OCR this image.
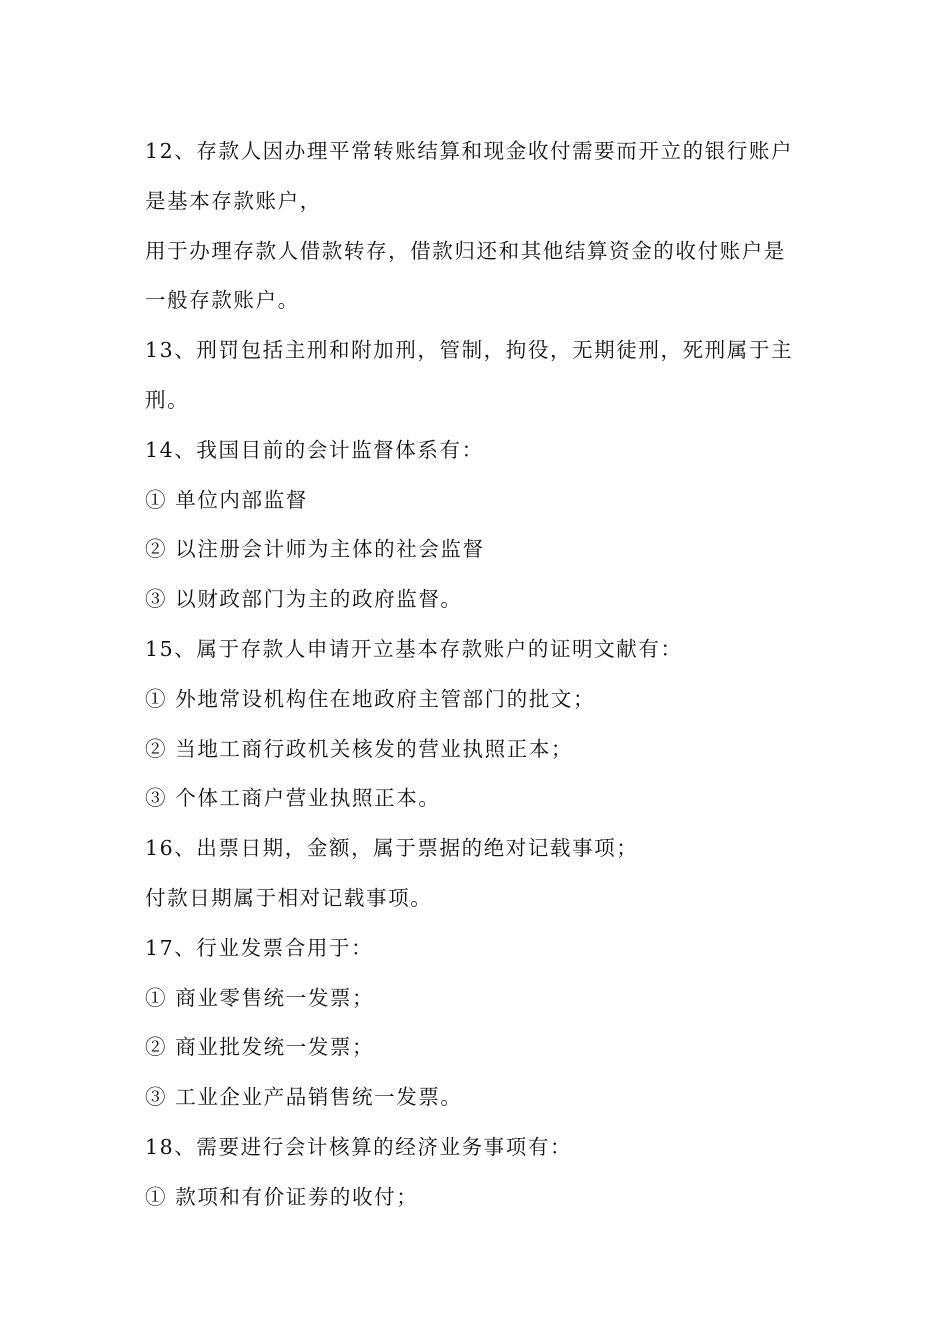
12、存款人因办理平常转账结算和现金收付需要而开立的银行账户
是基本存款账户，
用于办理存款人借款转存，借款归还和其他结算资金的收付账户是
一般存款账户。
13、刑罚包括主刑和附加刑，管制，拘役，无期徒刑，死刑属于主
刑。
14、我国目前的会计监督体系有：
① 单位内部监督
② 以注册会计师为主体的社会监督
③ 以财政部门为主的政府监督。
15、属于存款人申请开立基本存款账户的证明文献有：
① 外地常设机构住在地政府主管部门的批文；
② 当地工商行政机关核发的营业执照正本；
③ 个体工商户营业执照正本。
16、出票日期，金额，属于票据的绝对记载事项；
付款日期属于相对记载事项。
17、行业发票合用于：
① 商业零售统一发票；
② 商业批发统一发票；
③ 工业企业产品销售统一发票。
18、需要进行会计核算的经济业务事项有：
① 款项和有价证劵的收付；
